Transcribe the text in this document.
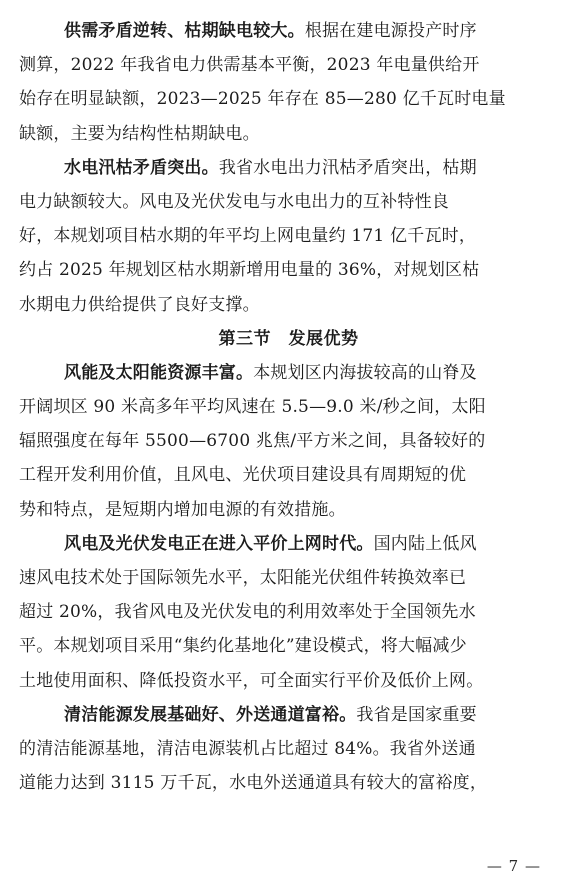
供需矛盾逆转、枯期缺电较大。根据在建电源投产时序
测算，2022 年我省电力供需基本平衡，2023 年电量供给开
始存在明显缺额，2023—2025 年存在 85—280 亿千瓦时电量
缺额，主要为结构性枯期缺电。
水电汛枯矛盾突出。我省水电出力汛枯矛盾突出，枯期
电力缺额较大。风电及光伏发电与水电出力的互补特性良
好，本规划项目枯水期的年平均上网电量约 171 亿千瓦时，
约占 2025 年规划区枯水期新增用电量的 36%，对规划区枯
水期电力供给提供了良好支撑。
第三节　发展优势
风能及太阳能资源丰富。本规划区内海拔较高的山脊及
开阔坝区 90 米高多年平均风速在 5.5—9.0 米/秒之间，太阳
辐照强度在每年 5500—6700 兆焦/平方米之间，具备较好的
工程开发利用价值，且风电、光伏项目建设具有周期短的优
势和特点，是短期内增加电源的有效措施。
风电及光伏发电正在进入平价上网时代。国内陆上低风
速风电技术处于国际领先水平，太阳能光伏组件转换效率已
超过 20%，我省风电及光伏发电的利用效率处于全国领先水
平。本规划项目采用“集约化基地化”建设模式，将大幅减少
土地使用面积、降低投资水平，可全面实行平价及低价上网。
清洁能源发展基础好、外送通道富裕。我省是国家重要
的清洁能源基地，清洁电源装机占比超过 84%。我省外送通
道能力达到 3115 万千瓦，水电外送通道具有较大的富裕度，
— 7 —
